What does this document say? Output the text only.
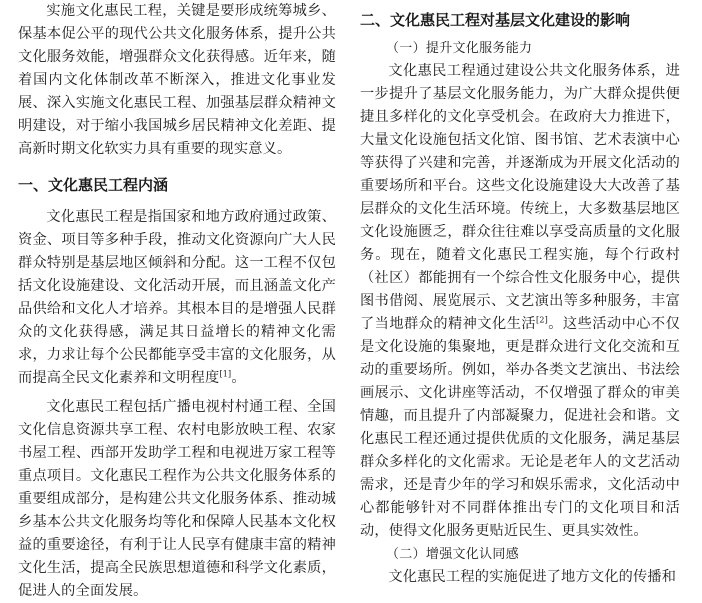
实施文化惠民工程，关键是要形成统筹城乡、保基本促公平的现代公共文化服务体系，提升公共文化服务效能，增强群众文化获得感。近年来，随着国内文化体制改革不断深入，推进文化事业发展、深入实施文化惠民工程、加强基层群众精神文明建设，对于缩小我国城乡居民精神文化差距、提高新时期文化软实力具有重要的现实意义。

一、文化惠民工程内涵

文化惠民工程是指国家和地方政府通过政策、资金、项目等多种手段，推动文化资源向广大人民群众特别是基层地区倾斜和分配。这一工程不仅包括文化设施建设、文化活动开展，而且涵盖文化产品供给和文化人才培养。其根本目的是增强人民群众的文化获得感，满足其日益增长的精神文化需求，力求让每个公民都能享受丰富的文化服务，从而提高全民文化素养和文明程度[1]。

文化惠民工程包括广播电视村村通工程、全国文化信息资源共享工程、农村电影放映工程、农家书屋工程、西部开发助学工程和电视进万家工程等重点项目。文化惠民工程作为公共文化服务体系的重要组成部分，是构建公共文化服务体系、推动城乡基本公共文化服务均等化和保障人民基本文化权益的重要途径，有利于让人民享有健康丰富的精神文化生活，提高全民族思想道德和科学文化素质，促进人的全面发展。

二、文化惠民工程对基层文化建设的影响

（一）提升文化服务能力

文化惠民工程通过建设公共文化服务体系，进一步提升了基层文化服务能力，为广大群众提供便捷且多样化的文化享受机会。在政府大力推进下，大量文化设施包括文化馆、图书馆、艺术表演中心等获得了兴建和完善，并逐渐成为开展文化活动的重要场所和平台。这些文化设施建设大大改善了基层群众的文化生活环境。传统上，大多数基层地区文化设施匮乏，群众往往难以享受高质量的文化服务。现在，随着文化惠民工程实施，每个行政村（社区）都能拥有一个综合性文化服务中心，提供图书借阅、展览展示、文艺演出等多种服务，丰富了当地群众的精神文化生活[2]。这些活动中心不仅是文化设施的集聚地，更是群众进行文化交流和互动的重要场所。例如，举办各类文艺演出、书法绘画展示、文化讲座等活动，不仅增强了群众的审美情趣，而且提升了内部凝聚力，促进社会和谐。文化惠民工程还通过提供优质的文化服务，满足基层群众多样化的文化需求。无论是老年人的文艺活动需求，还是青少年的学习和娱乐需求，文化活动中心都能够针对不同群体推出专门的文化项目和活动，使得文化服务更贴近民生、更具实效性。

（二）增强文化认同感

文化惠民工程的实施促进了地方文化的传播和
